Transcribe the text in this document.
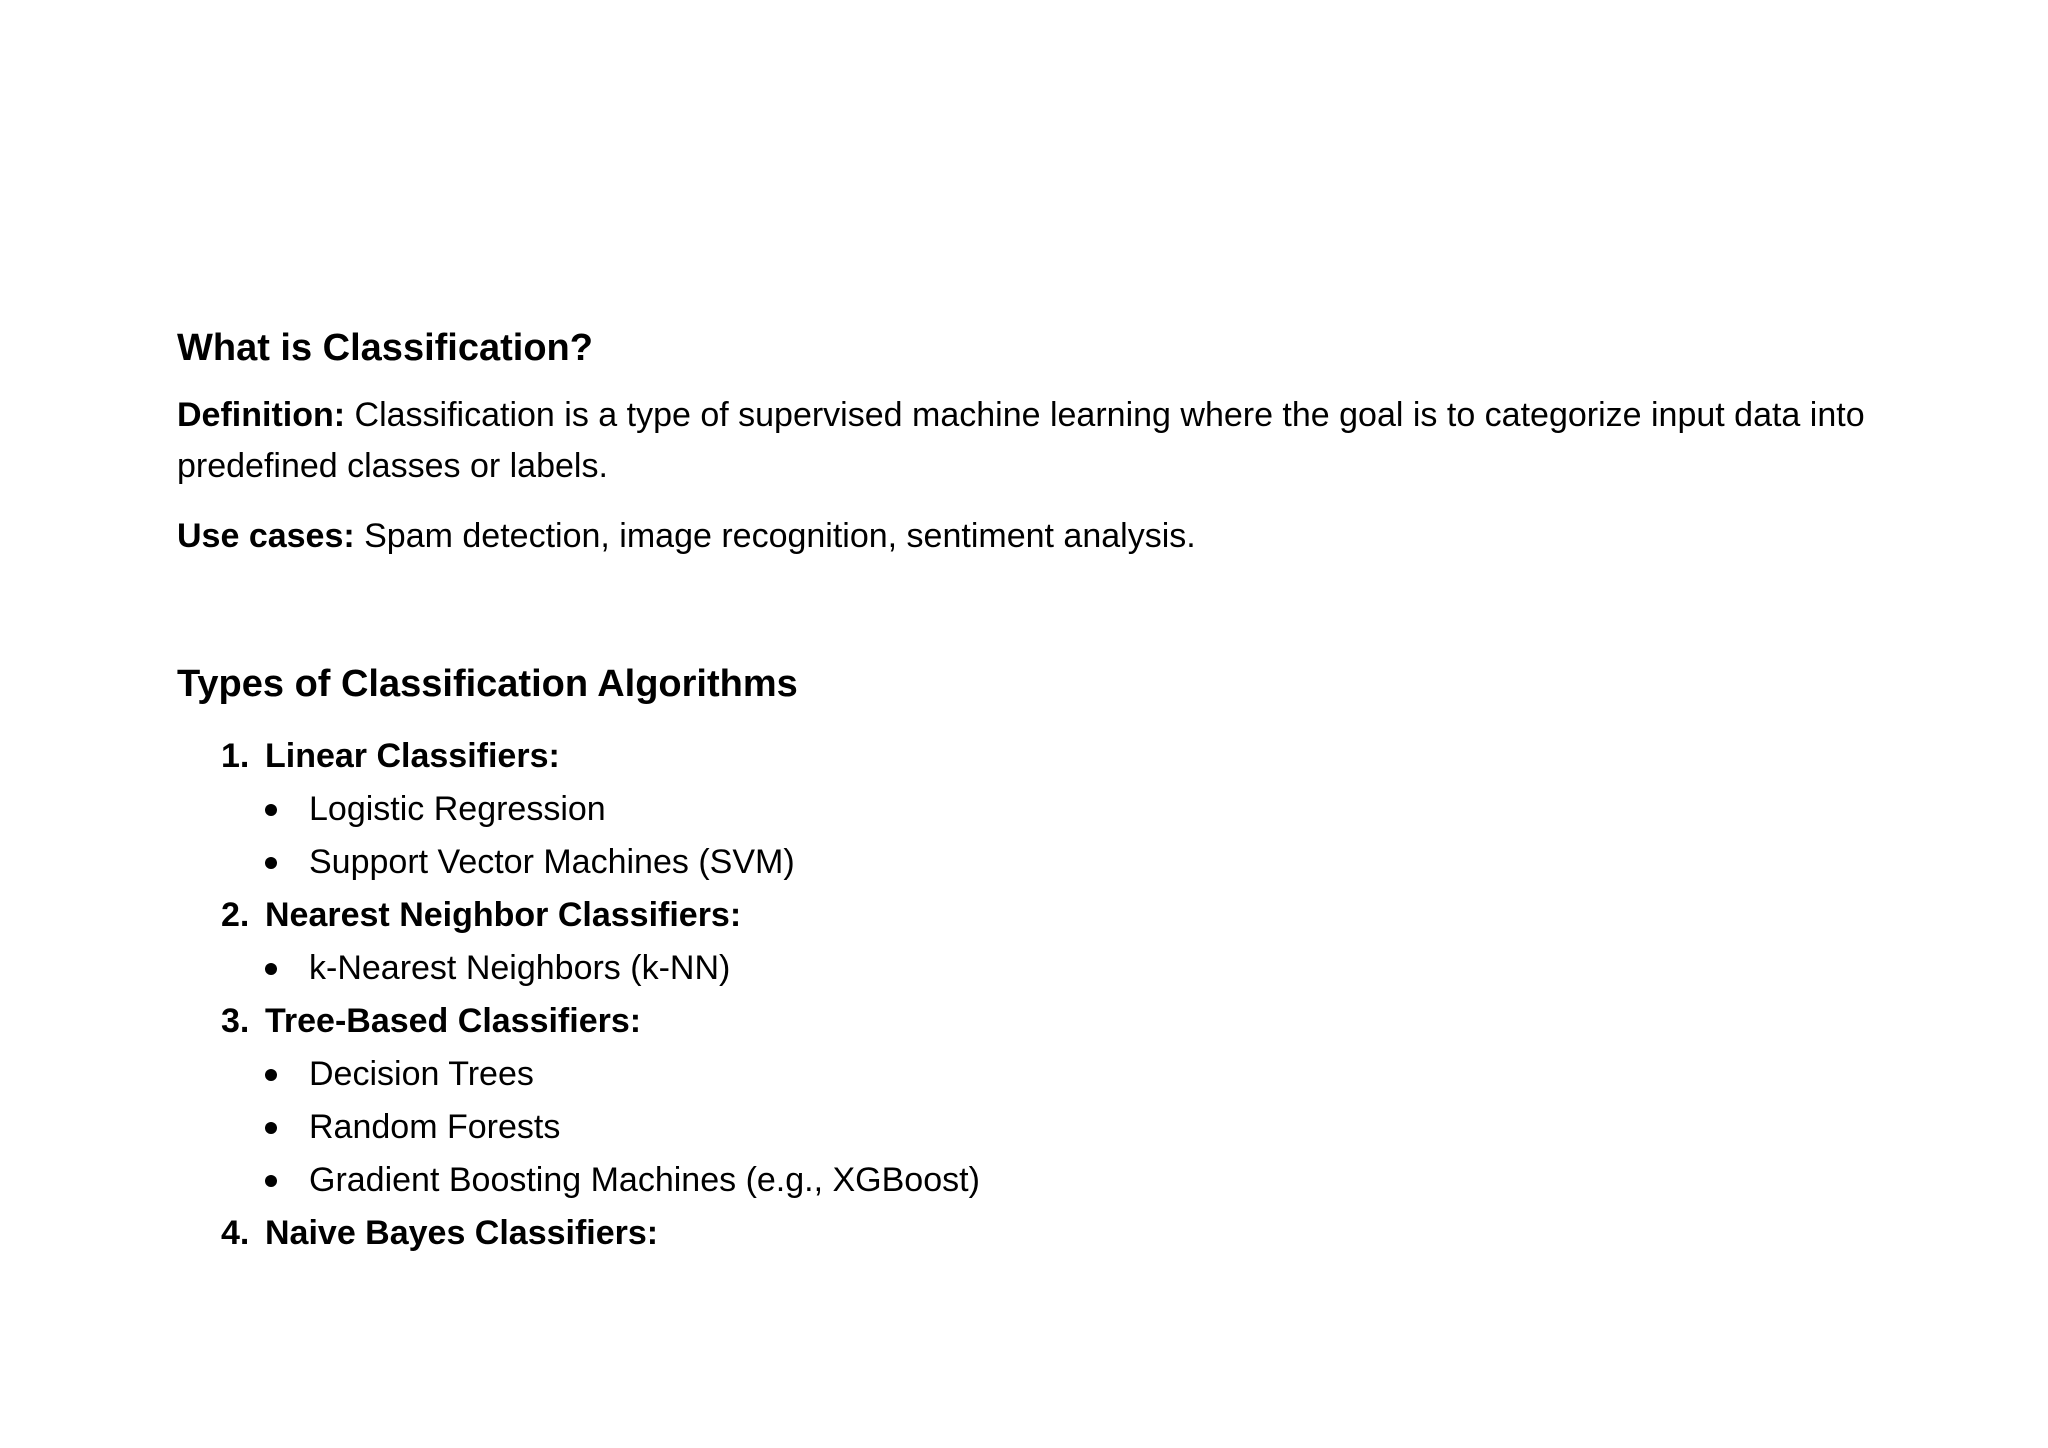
What is Classification?

Definition: Classification is a type of supervised machine learning where the goal is to categorize input data into predefined classes or labels.

Use cases: Spam detection, image recognition, sentiment analysis.

Types of Classification Algorithms
1. Linear Classifiers:
Logistic Regression
Support Vector Machines (SVM)
2. Nearest Neighbor Classifiers:
k-Nearest Neighbors (k-NN)
3. Tree-Based Classifiers:
Decision Trees
Random Forests
Gradient Boosting Machines (e.g., XGBoost)
4. Naive Bayes Classifiers:
